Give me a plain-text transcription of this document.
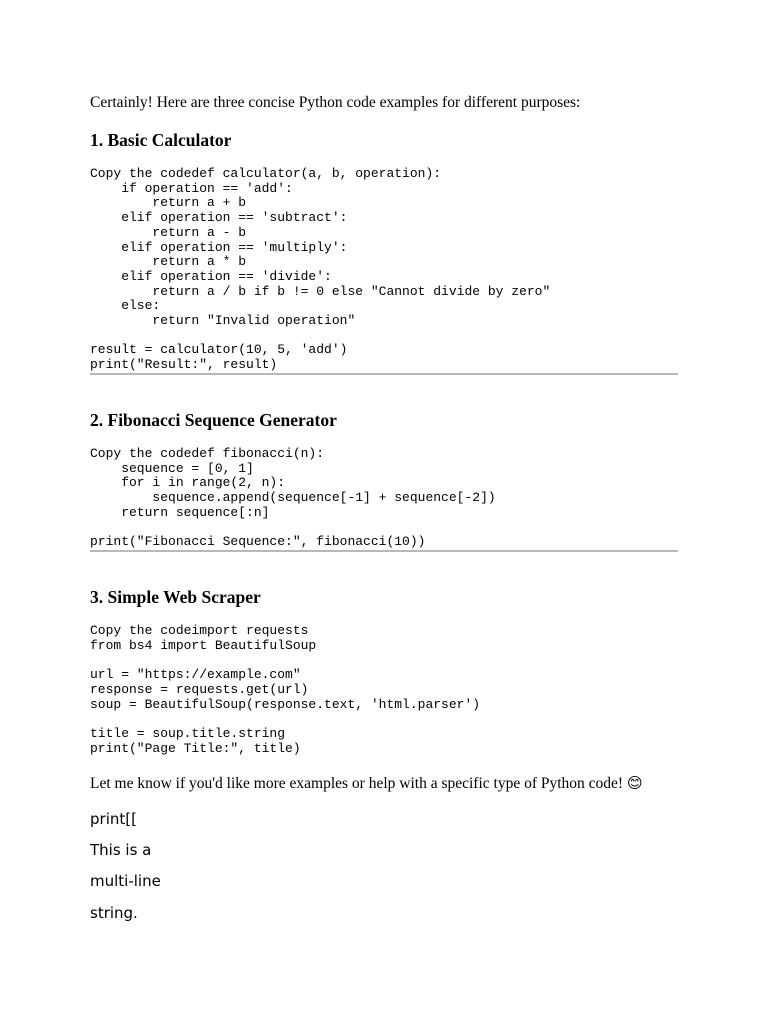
Certainly! Here are three concise Python code examples for different purposes:

1. Basic Calculator
Copy the codedef calculator(a, b, operation):
if operation == 'add':
return a + b
elif operation == 'subtract':
return a - b
elif operation == 'multiply':
return a * b
elif operation == 'divide':
return a / b if b != 0 else "Cannot divide by zero"
else:
return "Invalid operation"

result = calculator(10, 5, 'add')
print("Result:", result)
2. Fibonacci Sequence Generator
Copy the codedef fibonacci(n):
sequence = [0, 1]
for i in range(2, n):
sequence.append(sequence[-1] + sequence[-2])
return sequence[:n]

print("Fibonacci Sequence:", fibonacci(10))
3. Simple Web Scraper
Copy the codeimport requests
from bs4 import BeautifulSoup

url = "https://example.com"
response = requests.get(url)
soup = BeautifulSoup(response.text, 'html.parser')

title = soup.title.string
print("Page Title:", title)

Let me know if you'd like more examples or help with a specific type of Python code! 😊

print[[

This is a

multi-line

string.
